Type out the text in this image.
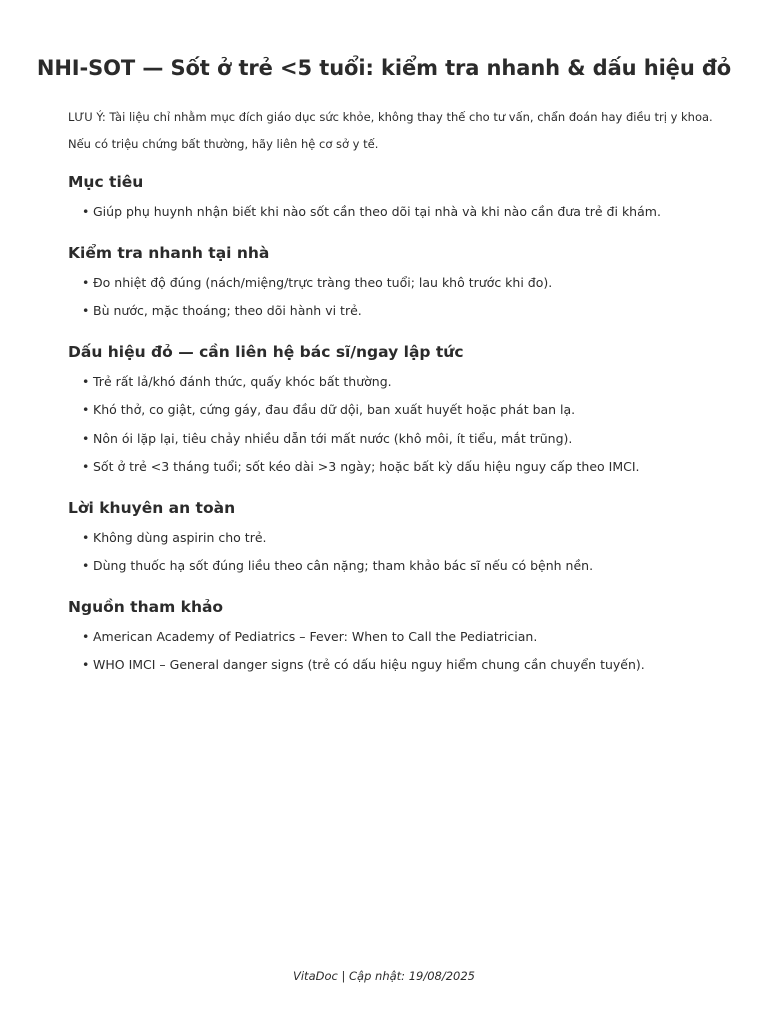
NHI-SOT — Sốt ở trẻ <5 tuổi: kiểm tra nhanh & dấu hiệu đỏ

LƯU Ý: Tài liệu chỉ nhằm mục đích giáo dục sức khỏe, không thay thế cho tư vấn, chẩn đoán hay điều trị y khoa. Nếu có triệu chứng bất thường, hãy liên hệ cơ sở y tế.

Mục tiêu
• Giúp phụ huynh nhận biết khi nào sốt cần theo dõi tại nhà và khi nào cần đưa trẻ đi khám.
Kiểm tra nhanh tại nhà
• Đo nhiệt độ đúng (nách/miệng/trực tràng theo tuổi; lau khô trước khi đo).
• Bù nước, mặc thoáng; theo dõi hành vi trẻ.
Dấu hiệu đỏ — cần liên hệ bác sĩ/ngay lập tức
• Trẻ rất lả/khó đánh thức, quấy khóc bất thường.
• Khó thở, co giật, cứng gáy, đau đầu dữ dội, ban xuất huyết hoặc phát ban lạ.
• Nôn ói lặp lại, tiêu chảy nhiều dẫn tới mất nước (khô môi, ít tiểu, mắt trũng).
• Sốt ở trẻ <3 tháng tuổi; sốt kéo dài >3 ngày; hoặc bất kỳ dấu hiệu nguy cấp theo IMCI.
Lời khuyên an toàn
• Không dùng aspirin cho trẻ.
• Dùng thuốc hạ sốt đúng liều theo cân nặng; tham khảo bác sĩ nếu có bệnh nền.
Nguồn tham khảo
• American Academy of Pediatrics – Fever: When to Call the Pediatrician.
• WHO IMCI – General danger signs (trẻ có dấu hiệu nguy hiểm chung cần chuyển tuyến).
VitaDoc | Cập nhật: 19/08/2025
